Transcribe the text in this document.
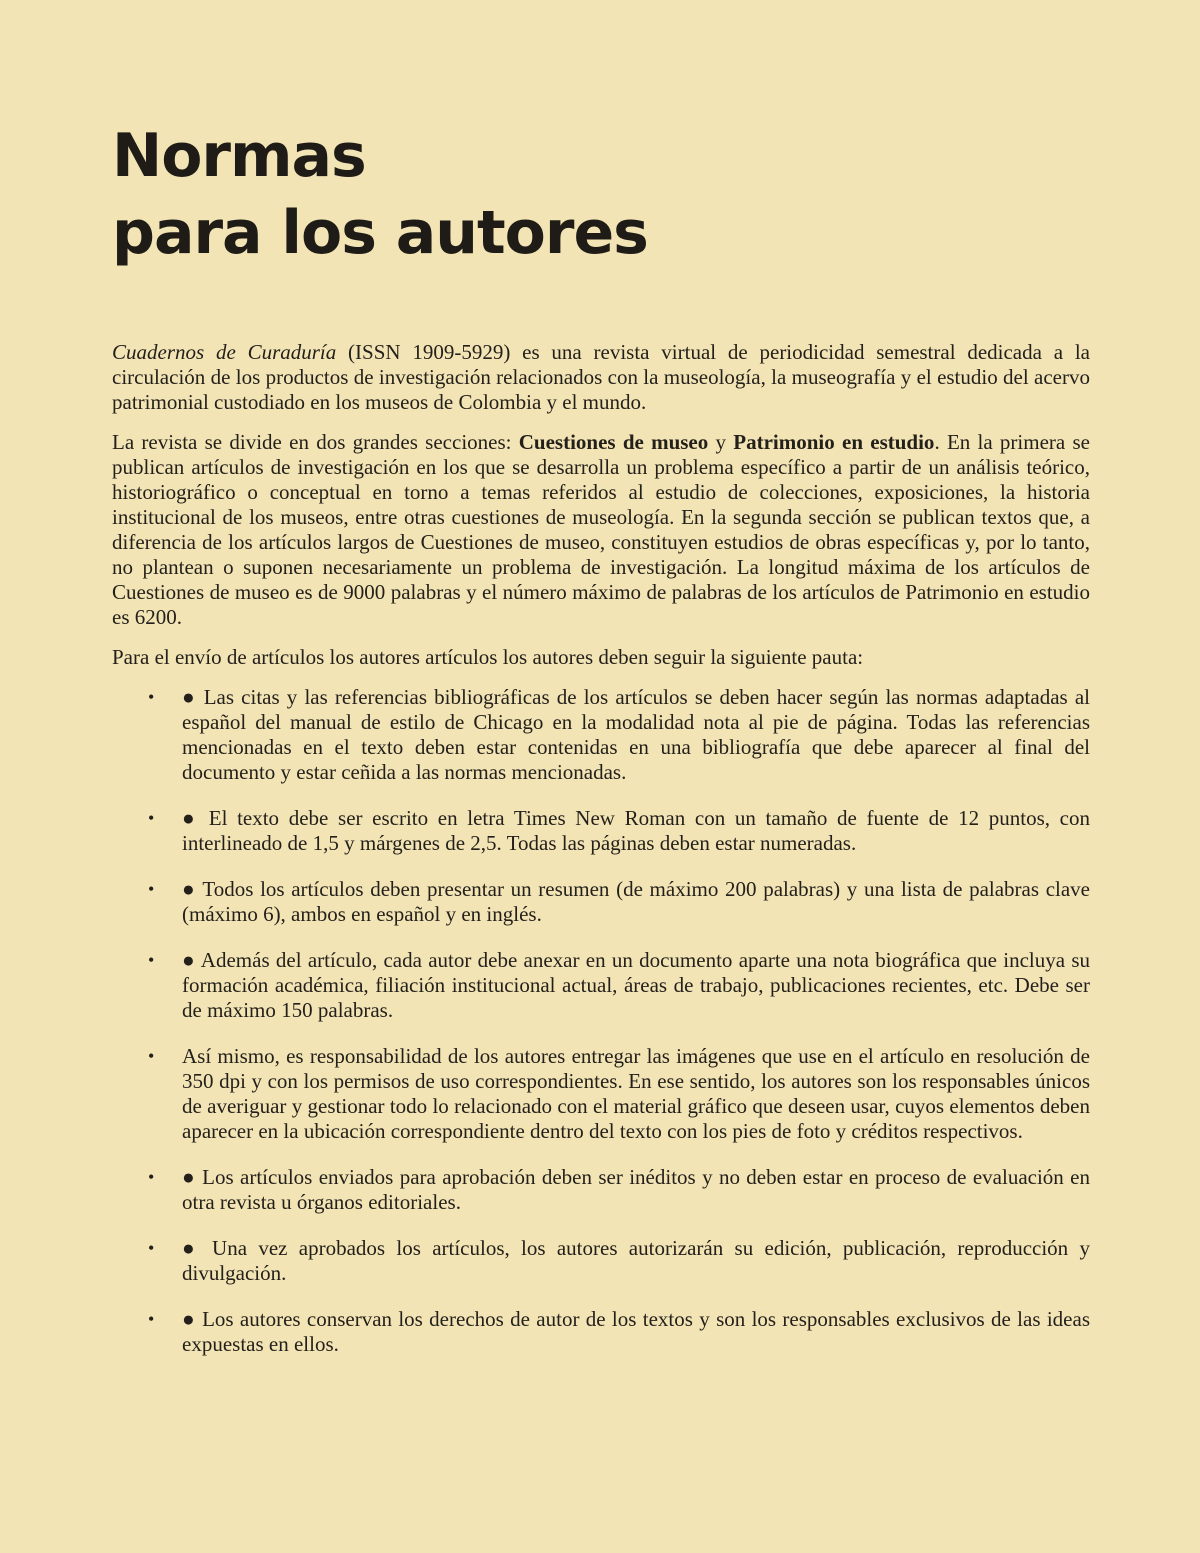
Normas
para los autores

Cuadernos de Curaduría (ISSN 1909-5929) es una revista virtual de periodicidad semestral dedicada a la circulación de los productos de investigación relacionados con la museología, la museografía y el estudio del acervo patrimonial custodiado en los museos de Colombia y el mundo.

La revista se divide en dos grandes secciones: Cuestiones de museo y Patrimonio en estudio. En la primera se publican artículos de investigación en los que se desarrolla un problema específico a partir de un análisis teórico, historiográfico o conceptual en torno a temas referidos al estudio de colecciones, exposiciones, la historia institucional de los museos, entre otras cuestiones de museología. En la segunda sección se publican textos que, a diferencia de los artículos largos de Cuestiones de museo, constituyen estudios de obras específicas y, por lo tanto, no plantean o suponen necesariamente un problema de investigación. La longitud máxima de los artículos de Cuestiones de museo es de 9000 palabras y el número máximo de palabras de los artículos de Patrimonio en estudio es 6200.

Para el envío de artículos los autores artículos los autores deben seguir la siguiente pauta:

• ● Las citas y las referencias bibliográficas de los artículos se deben hacer según las normas adaptadas al español del manual de estilo de Chicago en la modalidad nota al pie de página. Todas las referencias mencionadas en el texto deben estar contenidas en una bibliografía que debe aparecer al final del documento y estar ceñida a las normas mencionadas.
• ● El texto debe ser escrito en letra Times New Roman con un tamaño de fuente de 12 puntos, con interlineado de 1,5 y márgenes de 2,5. Todas las páginas deben estar numeradas.
• ● Todos los artículos deben presentar un resumen (de máximo 200 palabras) y una lista de palabras clave (máximo 6), ambos en español y en inglés.
• ● Además del artículo, cada autor debe anexar en un documento aparte una nota biográfica que incluya su formación académica, filiación institucional actual, áreas de trabajo, publicaciones recientes, etc. Debe ser de máximo 150 palabras.
• Así mismo, es responsabilidad de los autores entregar las imágenes que use en el artículo en resolución de 350 dpi y con los permisos de uso correspondientes. En ese sentido, los autores son los responsables únicos de averiguar y gestionar todo lo relacionado con el material gráfico que deseen usar, cuyos elementos deben aparecer en la ubicación correspondiente dentro del texto con los pies de foto y créditos respectivos.
• ● Los artículos enviados para aprobación deben ser inéditos y no deben estar en proceso de evaluación en otra revista u órganos editoriales.
• ● Una vez aprobados los artículos, los autores autorizarán su edición, publicación, reproducción y divulgación.
• ● Los autores conservan los derechos de autor de los textos y son los responsables exclusivos de las ideas expuestas en ellos.
